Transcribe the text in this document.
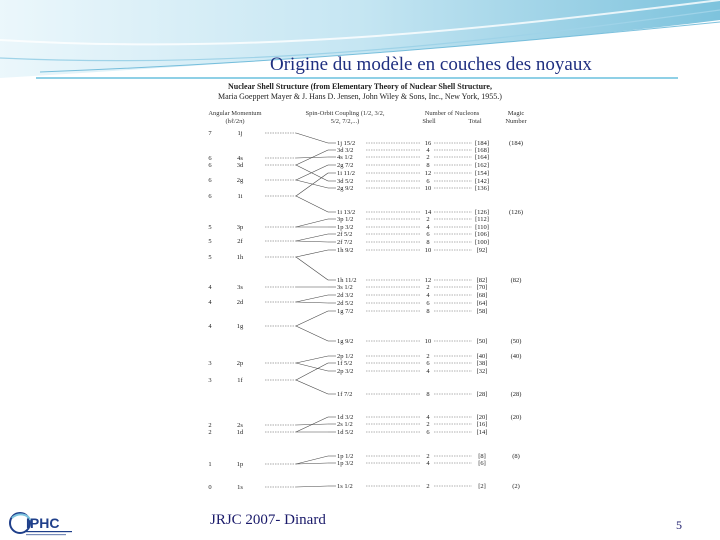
Origine du modèle en couches des noyaux
Nuclear Shell Structure (from Elementary Theory of Nuclear Shell Structure,
Maria Goeppert Mayer & J. Hans D. Jensen, John Wiley & Sons, Inc., New York, 1955.)
Angular Momentum (hℓ/2π)
Spin-Orbit Coupling (1/2, 3/2, 5/2, 7/2,...)
Number of Nucleons
Shell	Total
Magic Number
7	1j
6	4s
6	3d
6	2g
6	1i
5	3p
5	2f
5	1h
4	3s
4	2d
4	1g
3	2p
3	1f
2	2s
2	1d
1	1p
0	1s
1j 15/2	16	[184]	(184)
3d 3/2	4	[168]
4s 1/2	2	[164]
2g 7/2	8	[162]
1i 11/2	12	[154]
3d 5/2	6	[142]
2g 9/2	10	[136]
1i 13/2	14	[126]	(126)
3p 1/2	2	[112]
1p 3/2	4	[110]
2f 5/2	6	[106]
2f 7/2	8	[100]
1h 9/2	10	[92]
1h 11/2	12	[82]	(82)
3s 1/2	2	[70]
2d 3/2	4	[68]
2d 5/2	6	[64]
1g 7/2	8	[58]
1g 9/2	10	[50]	(50)
2p 1/2	2	[40]	(40)
1f 5/2	6	[38]
2p 3/2	4	[32]
1f 7/2	8	[28]	(28)
1d 3/2	4	[20]	(20)
2s 1/2	2	[16]
1d 5/2	6	[14]
1p 1/2	2	[8]	(8)
1p 3/2	4	[6]
1s 1/2	2	[2]	(2)
IPHC	JRJC 2007- Dinard	5
